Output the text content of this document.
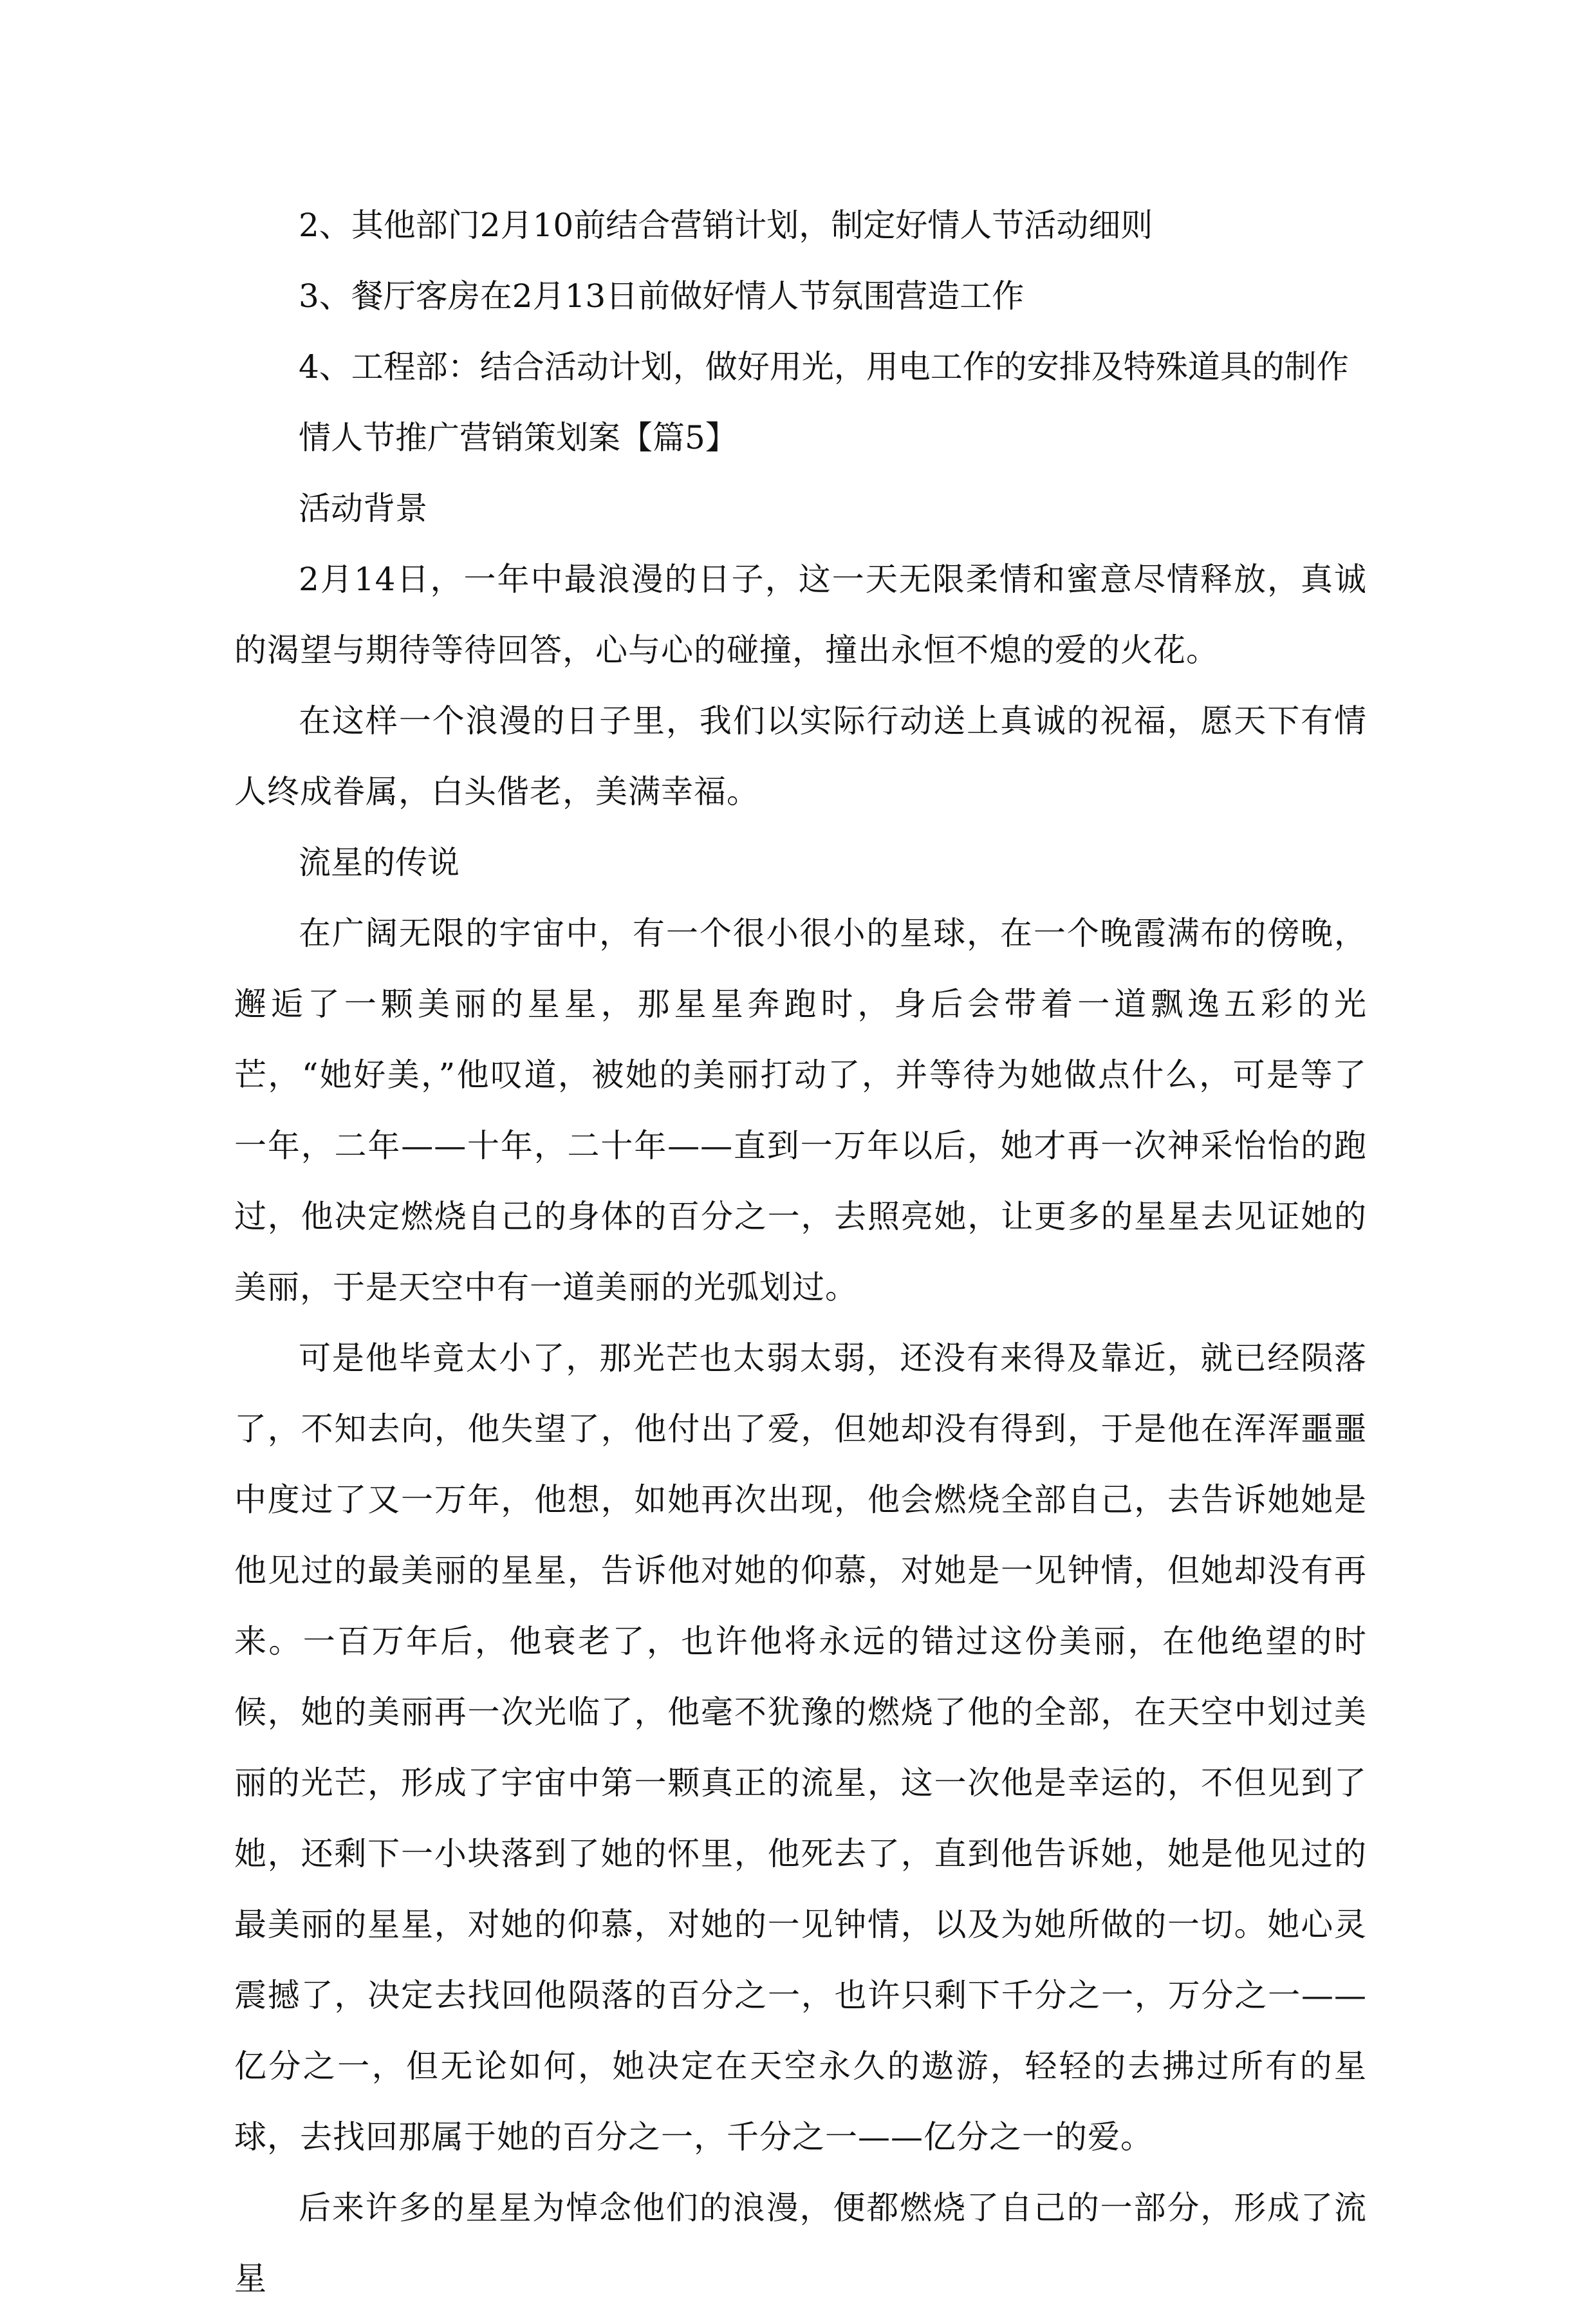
2、其他部门2月10前结合营销计划，制定好情人节活动细则

3、餐厅客房在2月13日前做好情人节氛围营造工作

4、工程部：结合活动计划，做好用光，用电工作的安排及特殊道具的制作

情人节推广营销策划案【篇5】

活动背景

2月14日，一年中最浪漫的日子，这一天无限柔情和蜜意尽情释放，真诚的渴望与期待等待回答，心与心的碰撞，撞出永恒不熄的爱的火花。

在这样一个浪漫的日子里，我们以实际行动送上真诚的祝福，愿天下有情人终成眷属，白头偕老，美满幸福。

流星的传说

在广阔无限的宇宙中，有一个很小很小的星球，在一个晚霞满布的傍晚，邂逅了一颗美丽的星星，那星星奔跑时，身后会带着一道飘逸五彩的光芒，“她好美，”他叹道，被她的美丽打动了，并等待为她做点什么，可是等了一年，二年——十年，二十年——直到一万年以后，她才再一次神采怡怡的跑过，他决定燃烧自己的身体的百分之一，去照亮她，让更多的星星去见证她的美丽，于是天空中有一道美丽的光弧划过。

可是他毕竟太小了，那光芒也太弱太弱，还没有来得及靠近，就已经陨落了，不知去向，他失望了，他付出了爱，但她却没有得到，于是他在浑浑噩噩中度过了又一万年，他想，如她再次出现，他会燃烧全部自己，去告诉她她是他见过的最美丽的星星，告诉他对她的仰慕，对她是一见钟情，但她却没有再来。一百万年后，他衰老了，也许他将永远的错过这份美丽，在他绝望的时候，她的美丽再一次光临了，他毫不犹豫的燃烧了他的全部，在天空中划过美丽的光芒，形成了宇宙中第一颗真正的流星，这一次他是幸运的，不但见到了她，还剩下一小块落到了她的怀里，他死去了，直到他告诉她，她是他见过的最美丽的星星，对她的仰慕，对她的一见钟情，以及为她所做的一切。她心灵震撼了，决定去找回他陨落的百分之一，也许只剩下千分之一，万分之一——亿分之一，但无论如何，她决定在天空永久的遨游，轻轻的去拂过所有的星球，去找回那属于她的百分之一，千分之一——亿分之一的爱。

后来许多的星星为悼念他们的浪漫，便都燃烧了自己的一部分，形成了流星
